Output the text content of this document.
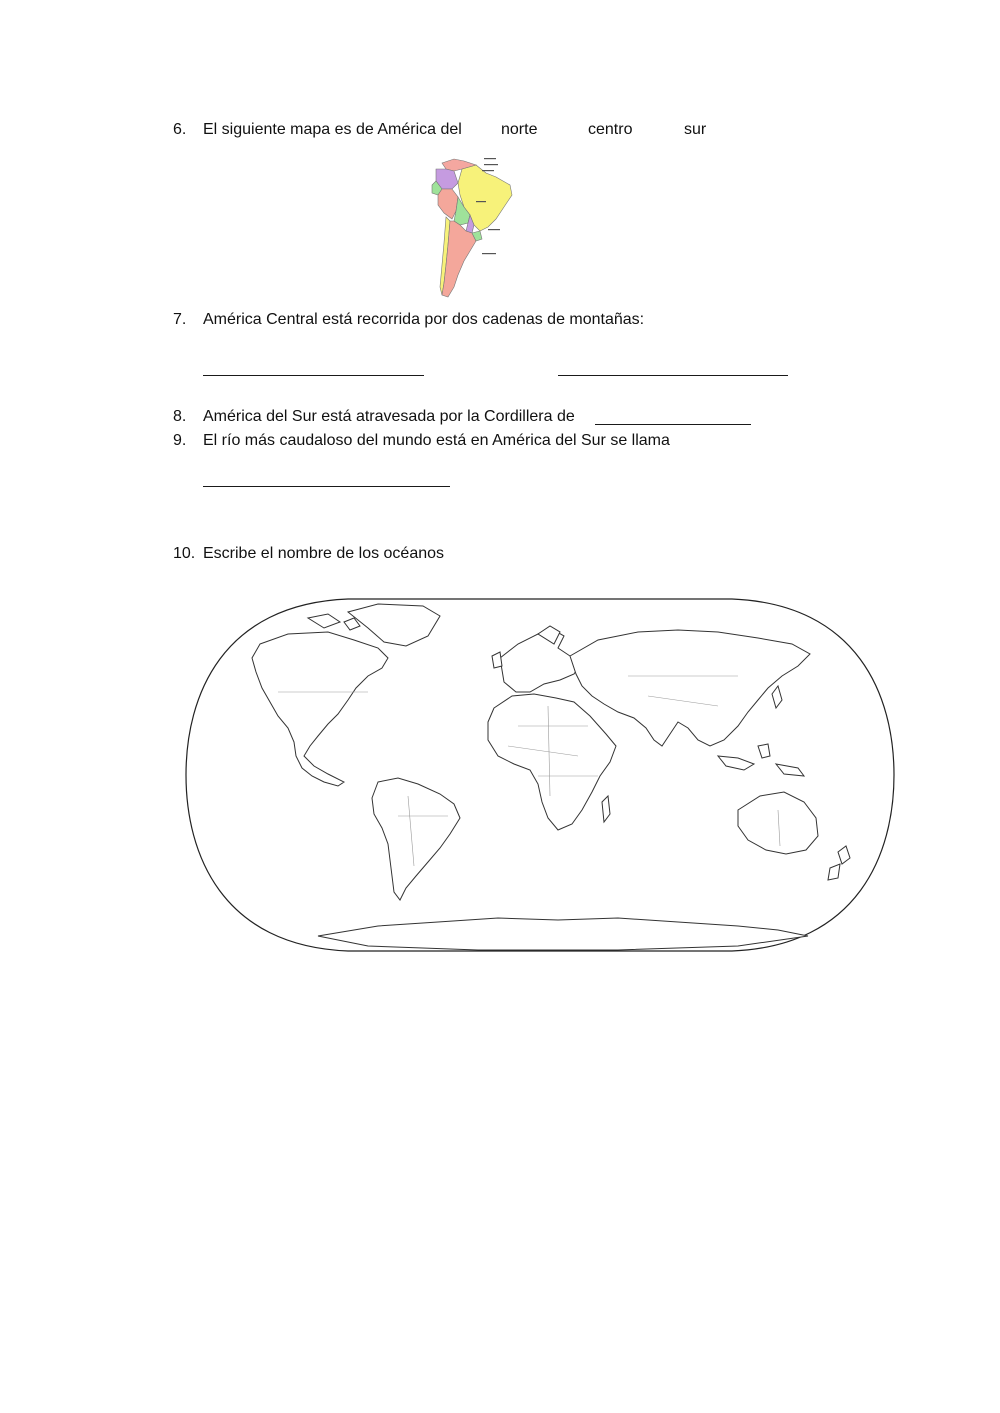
6.	El siguiente mapa es de América del norte	centro	sur
7.	América Central está recorrida por dos cadenas de montañas:
8.	América del Sur está atravesada por la Cordillera de
9.	El río más caudaloso del mundo está en América del Sur se llama
10. Escribe el nombre de los océanos
